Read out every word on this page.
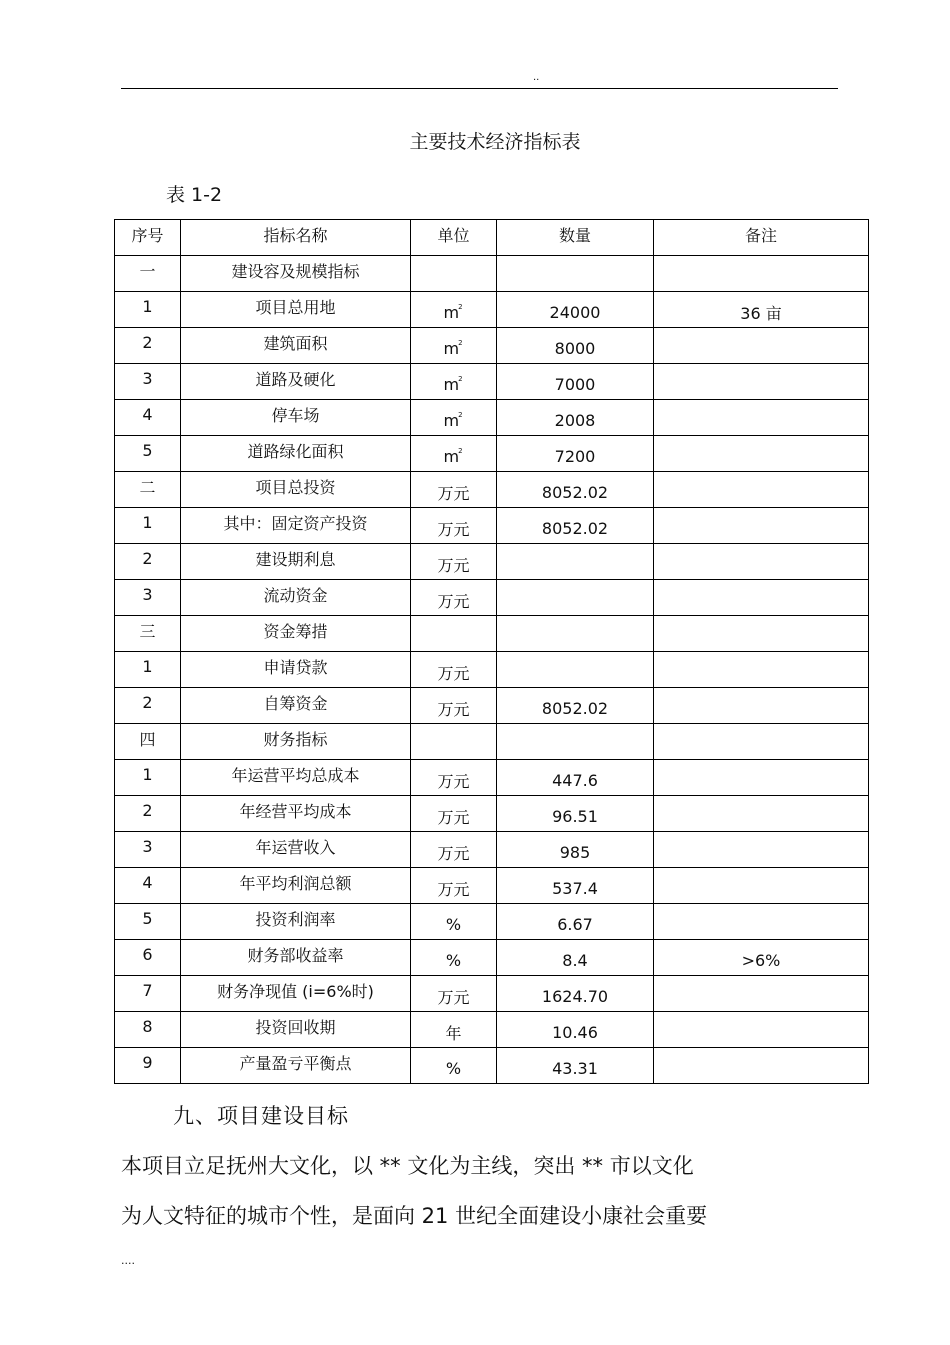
..
主要技术经济指标表
表 1-2
序号	指标名称	单位	数量	备注
一	建设容及规模指标			
1	项目总用地	$m^2$	24000	36 亩
2	建筑面积	$m^2$	8000	
3	道路及硬化	$m^2$	7000	
4	停车场	$m^2$	2008	
5	道路绿化面积	$m^2$	7200	
二	项目总投资	万元	8052.02	
1	其中：固定资产投资	万元	8052.02	
2	建设期利息	万元		
3	流动资金	万元		
三	资金筹措			
1	申请贷款	万元		
2	自筹资金	万元	8052.02	
四	财务指标			
1	年运营平均总成本	万元	447.6	
2	年经营平均成本	万元	96.51	
3	年运营收入	万元	985	
4	年平均利润总额	万元	537.4	
5	投资利润率	%	6.67	
6	财务部收益率	%	8.4	>6%
7	财务净现值 (i=6%时)	万元	1624.70	
8	投资回收期	年	10.46	
9	产量盈亏平衡点	%	43.31	
九、项目建设目标
本项目立足抚州大文化，以 ** 文化为主线，突出 ** 市以文化
为人文特征的城市个性，是面向 21 世纪全面建设小康社会重要
....
